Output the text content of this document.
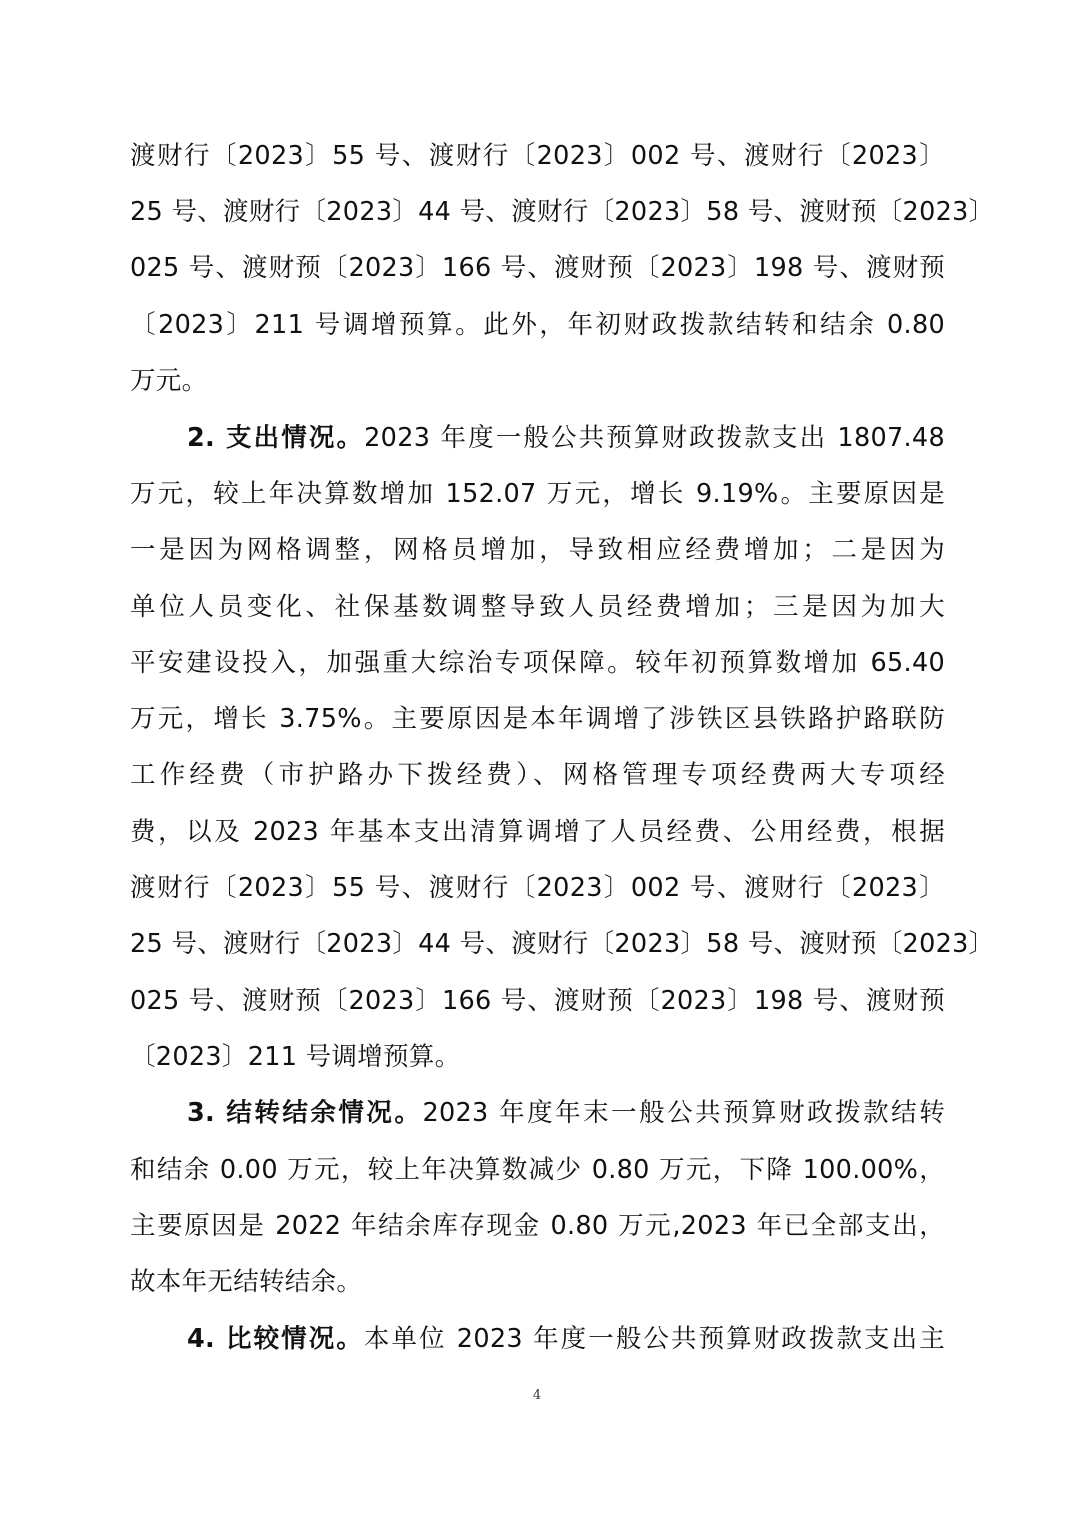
渡财行〔2023〕55 号、渡财行〔2023〕002 号、渡财行〔2023〕
25 号、渡财行〔2023〕44 号、渡财行〔2023〕58 号、渡财预〔2023〕
025 号、渡财预〔2023〕166 号、渡财预〔2023〕198 号、渡财预
〔2023〕211 号调增预算。此外，年初财政拨款结转和结余 0.80
万元。
2. 支出情况。2023 年度一般公共预算财政拨款支出 1807.48
万元，较上年决算数增加 152.07 万元，增长 9.19%。主要原因是
一是因为网格调整，网格员增加，导致相应经费增加；二是因为
单位人员变化、社保基数调整导致人员经费增加；三是因为加大
平安建设投入，加强重大综治专项保障。较年初预算数增加 65.40
万元，增长 3.75%。主要原因是本年调增了涉铁区县铁路护路联防
工作经费（市护路办下拨经费）、网格管理专项经费两大专项经
费，以及 2023 年基本支出清算调增了人员经费、公用经费，根据
渡财行〔2023〕55 号、渡财行〔2023〕002 号、渡财行〔2023〕
25 号、渡财行〔2023〕44 号、渡财行〔2023〕58 号、渡财预〔2023〕
025 号、渡财预〔2023〕166 号、渡财预〔2023〕198 号、渡财预
〔2023〕211 号调增预算。
3. 结转结余情况。2023 年度年末一般公共预算财政拨款结转
和结余 0.00 万元，较上年决算数减少 0.80 万元，下降 100.00%，
主要原因是 2022 年结余库存现金 0.80 万元,2023 年已全部支出，
故本年无结转结余。
4. 比较情况。本单位 2023 年度一般公共预算财政拨款支出主
4
